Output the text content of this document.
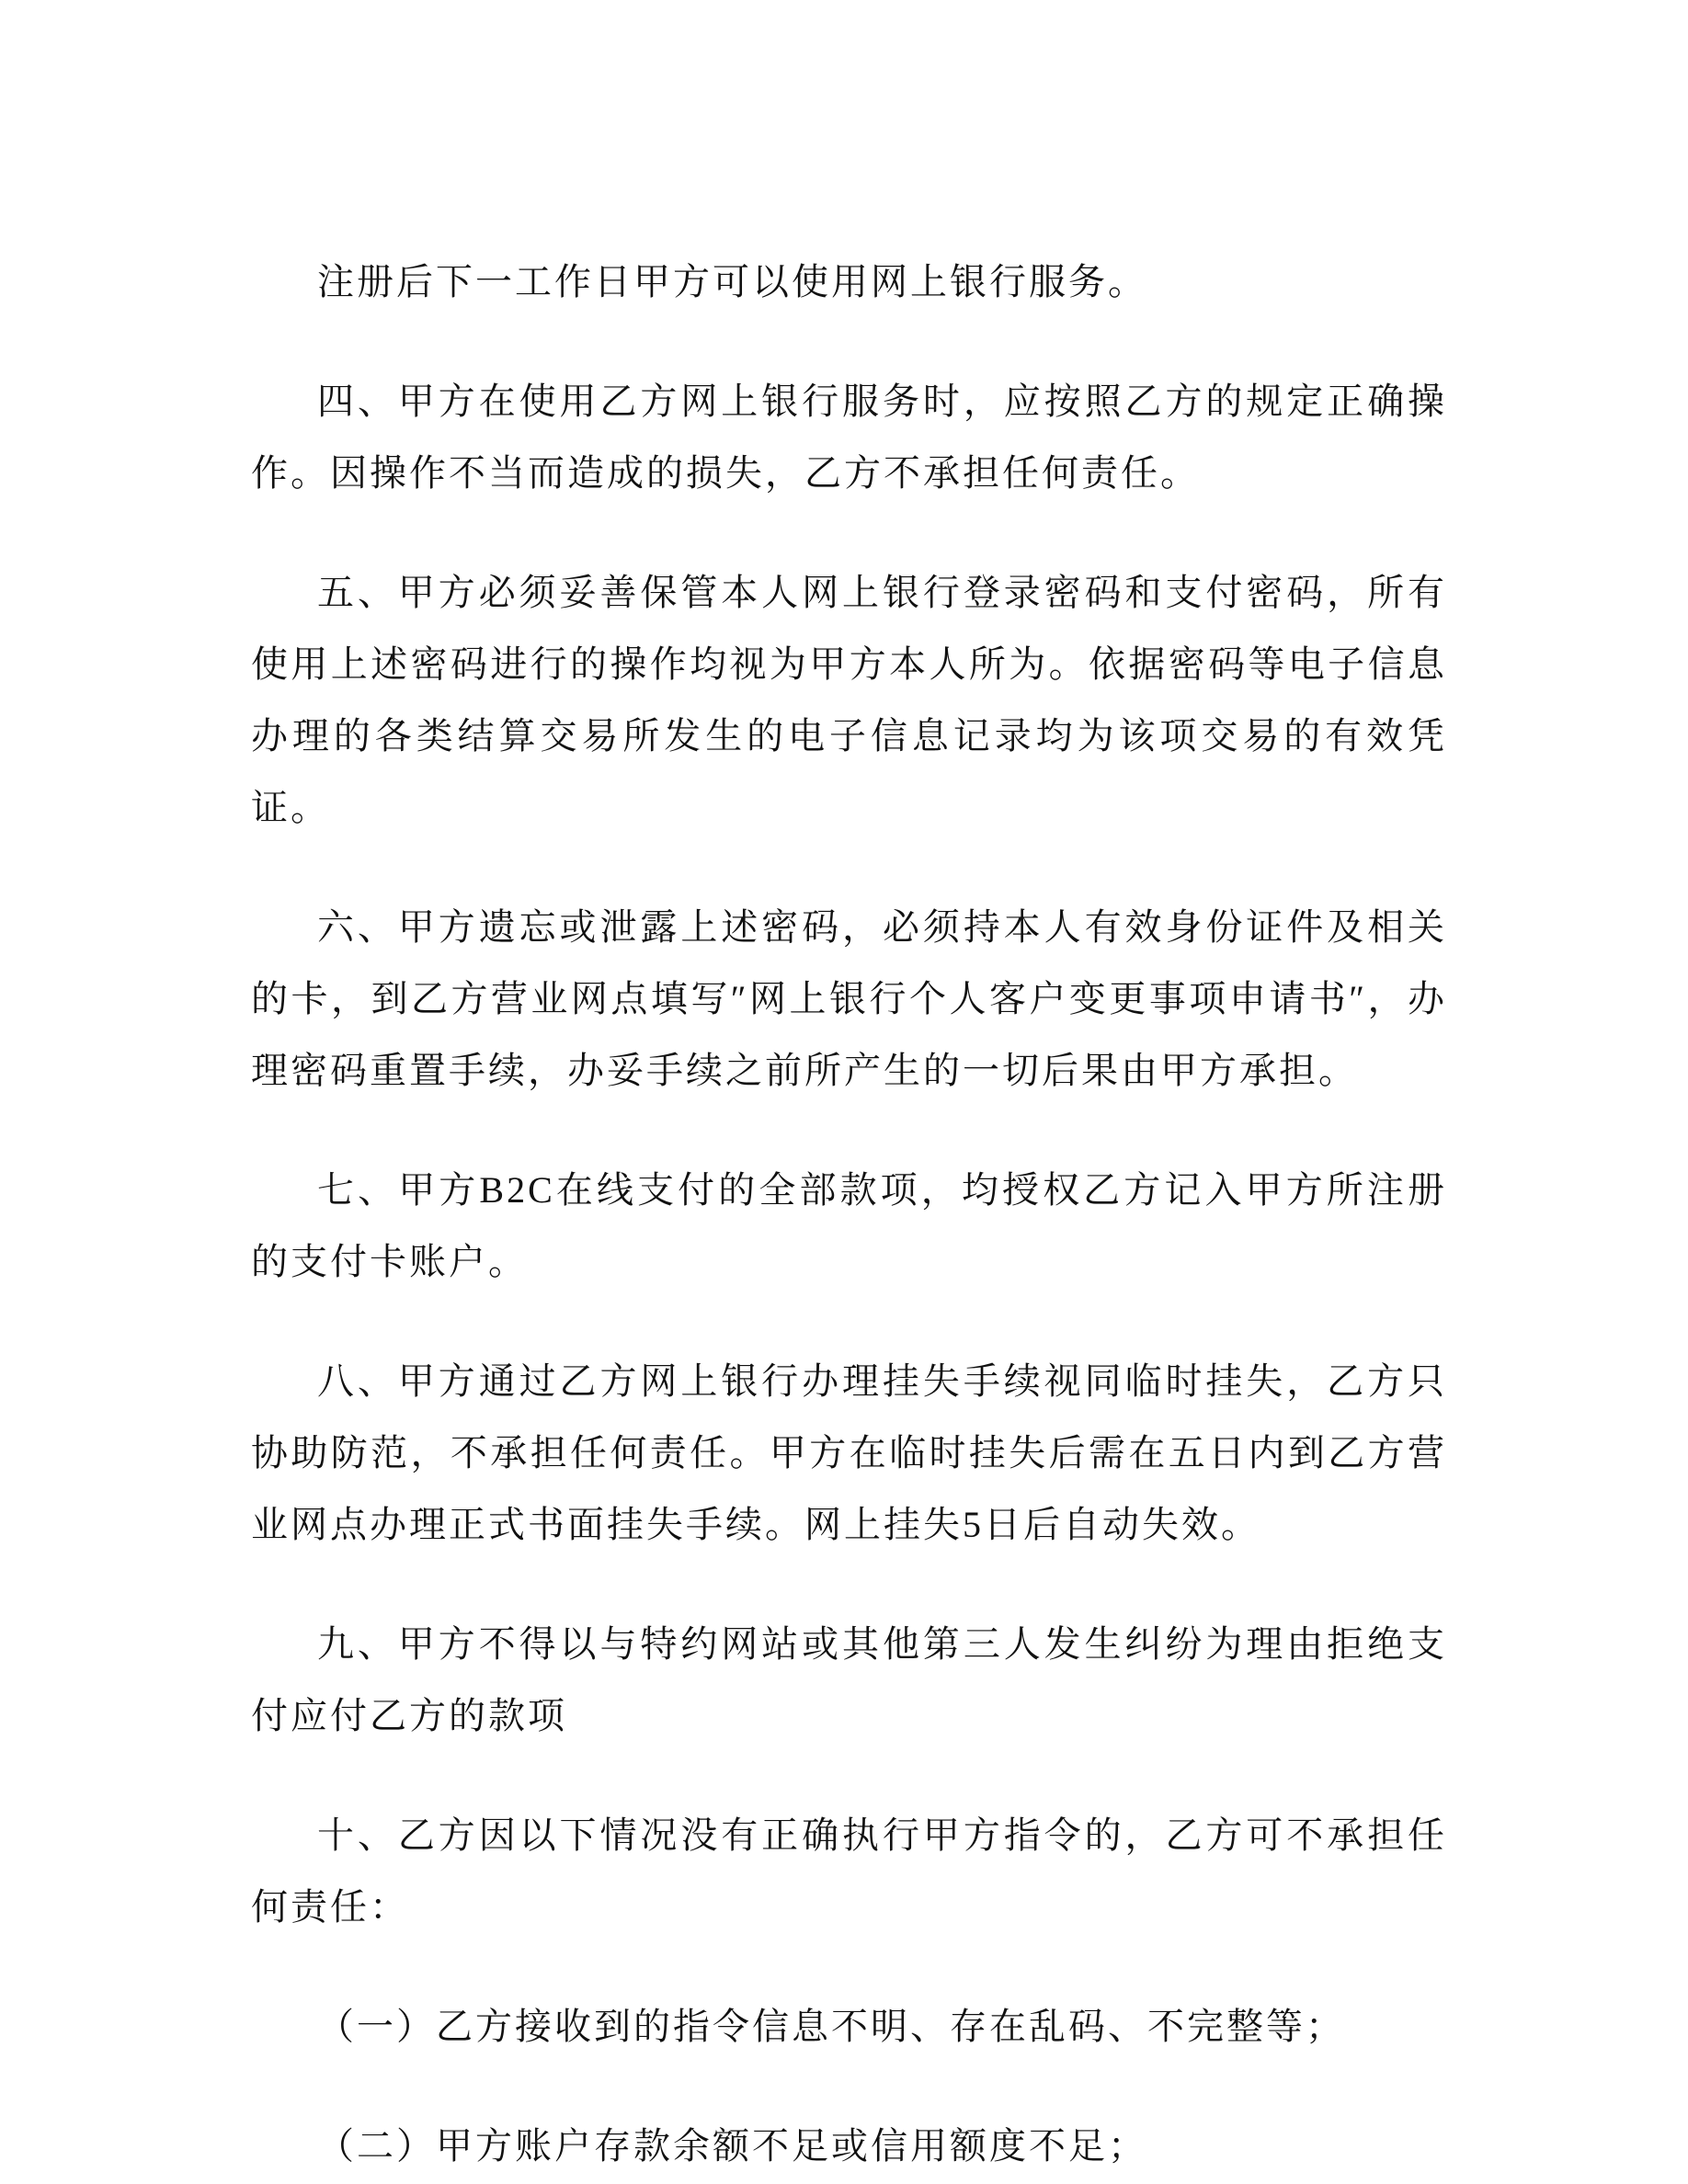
注册后下一工作日甲方可以使用网上银行服务。

四、甲方在使用乙方网上银行服务时，应按照乙方的规定正确操作。因操作不当而造成的损失，乙方不承担任何责任。

五、甲方必须妥善保管本人网上银行登录密码和支付密码，所有使用上述密码进行的操作均视为甲方本人所为。依据密码等电子信息办理的各类结算交易所发生的电子信息记录均为该项交易的有效凭证。

六、甲方遗忘或泄露上述密码，必须持本人有效身份证件及相关的卡，到乙方营业网点填写″网上银行个人客户变更事项申请书″，办理密码重置手续，办妥手续之前所产生的一切后果由甲方承担。

七、甲方B2C在线支付的全部款项，均授权乙方记入甲方所注册的支付卡账户。

八、甲方通过乙方网上银行办理挂失手续视同临时挂失，乙方只协助防范，不承担任何责任。甲方在临时挂失后需在五日内到乙方营业网点办理正式书面挂失手续。网上挂失5日后自动失效。

九、甲方不得以与特约网站或其他第三人发生纠纷为理由拒绝支付应付乙方的款项

十、乙方因以下情况没有正确执行甲方指令的，乙方可不承担任何责任：

（一）乙方接收到的指令信息不明、存在乱码、不完整等；

（二）甲方账户存款余额不足或信用额度不足；
